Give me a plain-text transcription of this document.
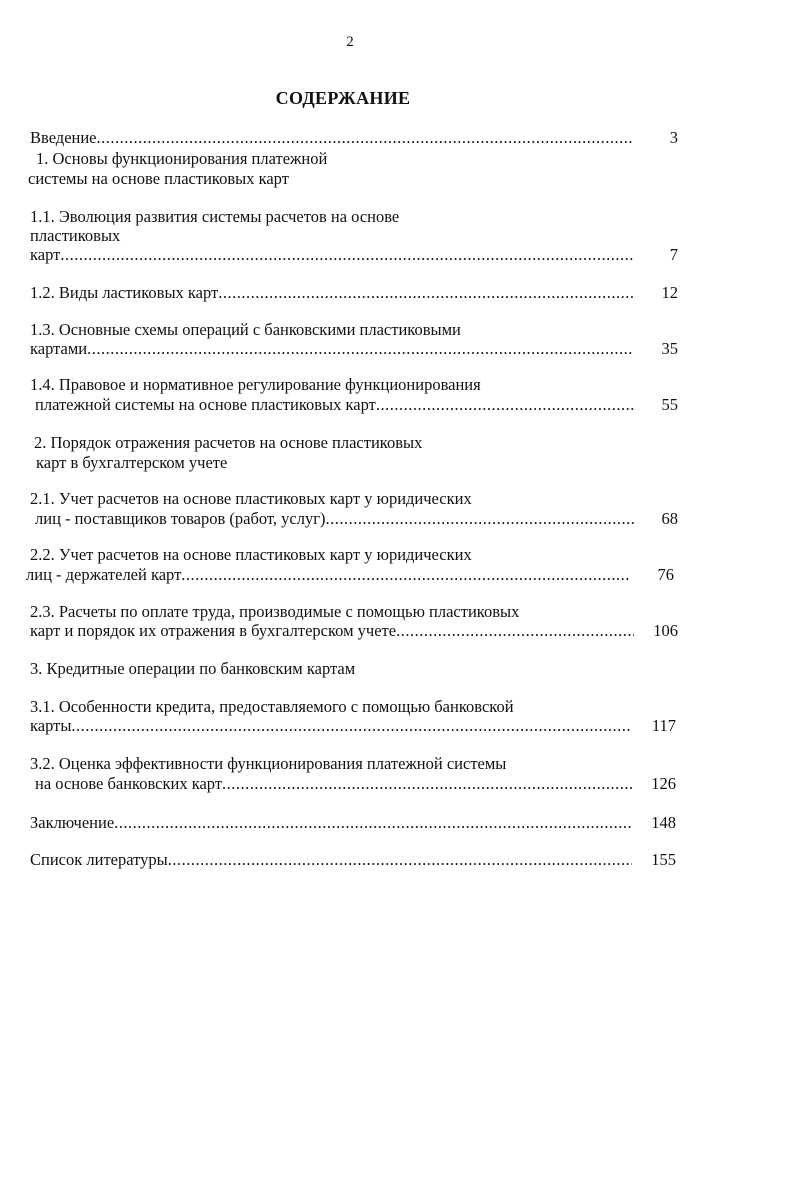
2
СОДЕРЖАНИЕ
Введение .....	3
1. Основы функционирования платежной
системы на основе пластиковых карт
1.1. Эволюция развития системы расчетов на основе
пластиковых
карт .....	7
1.2. Виды ластиковых карт .....	12
1.3. Основные схемы операций с банковскими пластиковыми
картами .....	35
1.4. Правовое и нормативное регулирование функционирования
платежной системы на основе пластиковых карт .....	55
2. Порядок отражения расчетов на основе пластиковых
карт в бухгалтерском учете
2.1. Учет расчетов на основе пластиковых карт у юридических
лиц - поставщиков товаров (работ, услуг) .....	68
2.2. Учет расчетов на основе пластиковых карт у юридических
лиц - держателей карт .....	76
2.3. Расчеты по оплате труда, производимые с помощью пластиковых
карт и порядок их отражения в бухгалтерском учете .....	106
3. Кредитные операции по банковским картам
3.1. Особенности кредита, предоставляемого с помощью банковской
карты .....	117
3.2. Оценка эффективности функционирования платежной системы
на основе банковских карт .....	126
Заключение .....	148
Список литературы .....	155
